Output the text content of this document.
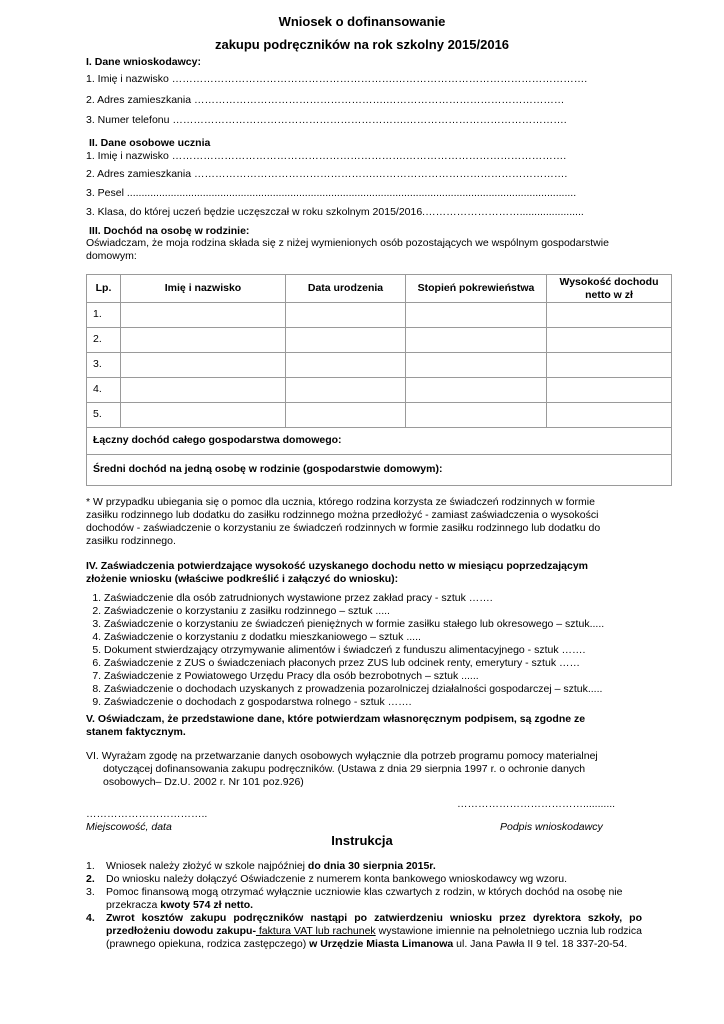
Wniosek o dofinansowanie
zakupu podręczników na rok szkolny 2015/2016
I. Dane wnioskodawcy:
1. Imię i nazwisko ……………………………………………………….……………………………………………….
2. Adres zamieszkania ……………………………………………….……………………………………………
3. Numer telefonu ………………………………………………………….……………………………………….
II. Dane osobowe ucznia
1. Imię i nazwisko ………………………………………………………….……………………………………….
2. Adres zamieszkania …………………………………………….……………………………………………….
3. Pesel ..........................................................................................................................................................
3. Klasa, do której uczeń będzie uczęszczał w roku szkolnym 2015/2016.………………………......................
III. Dochód na osobę w rodzinie:
Oświadczam, że moja rodzina składa się z niżej wymienionych osób pozostających we wspólnym gospodarstwie
domowym:
Lp.	Imię i nazwisko	Data urodzenia	Stopień pokrewieństwa	Wysokość dochodu netto w zł
1.				
2.				
3.				
4.				
5.				
Łączny dochód całego gospodarstwa domowego:				
Średni dochód na jedną osobę w rodzinie (gospodarstwie domowym):				
* W przypadku ubiegania się o pomoc dla ucznia, którego rodzina korzysta ze świadczeń rodzinnych w formie
zasiłku rodzinnego lub dodatku do zasiłku rodzinnego można przedłożyć - zamiast zaświadczenia o wysokości
dochodów - zaświadczenie o korzystaniu ze świadczeń rodzinnych w formie zasiłku rodzinnego lub dodatku do
zasiłku rodzinnego.
IV. Zaświadczenia potwierdzające wysokość uzyskanego dochodu netto w miesiącu poprzedzającym
złożenie wniosku (właściwe podkreślić i załączyć do wniosku):
1. Zaświadczenie dla osób zatrudnionych wystawione przez zakład pracy - sztuk …….
2. Zaświadczenie o korzystaniu z zasiłku rodzinnego – sztuk .....
3. Zaświadczenie o korzystaniu ze świadczeń pieniężnych w formie zasiłku stałego lub okresowego – sztuk.....
4. Zaświadczenie o korzystaniu z dodatku mieszkaniowego – sztuk .....
5. Dokument stwierdzający otrzymywanie alimentów i świadczeń z funduszu alimentacyjnego - sztuk …….
6. Zaświadczenie z ZUS o świadczeniach płaconych przez ZUS lub odcinek renty, emerytury - sztuk ……
7. Zaświadczenie z Powiatowego Urzędu Pracy dla osób bezrobotnych – sztuk ......
8. Zaświadczenie o dochodach uzyskanych z prowadzenia pozarolniczej działalności gospodarczej – sztuk.....
9. Zaświadczenie o dochodach z gospodarstwa rolnego - sztuk …….
V. Oświadczam, że przedstawione dane, które potwierdzam własnoręcznym podpisem, są zgodne ze
stanem faktycznym.
VI. Wyrażam zgodę na przetwarzanie danych osobowych wyłącznie dla potrzeb programu pomocy materialnej
dotyczącej dofinansowania zakupu podręczników. (Ustawa z dnia 29 sierpnia 1997 r. o ochronie danych
osobowych– Dz.U. 2002 r. Nr 101 poz.926)
………………………………...........
……………………………..
Miejscowość, data	Podpis wnioskodawcy
Instrukcja
1. Wniosek należy złożyć w szkole najpóźniej do dnia 30 sierpnia 2015r.
2. Do wniosku należy dołączyć Oświadczenie z numerem konta bankowego wnioskodawcy wg wzoru.
3. Pomoc finansową mogą otrzymać wyłącznie uczniowie klas czwartych z rodzin, w których dochód na osobę nie przekracza kwoty 574 zł netto.
4. Zwrot kosztów zakupu podręczników nastąpi po zatwierdzeniu wniosku przez dyrektora szkoły, po przedłożeniu dowodu zakupu- faktura VAT lub rachunek wystawione imiennie na pełnoletniego ucznia lub rodzica (prawnego opiekuna, rodzica zastępczego) w Urzędzie Miasta Limanowa ul. Jana Pawła II 9 tel. 18 337-20-54.
